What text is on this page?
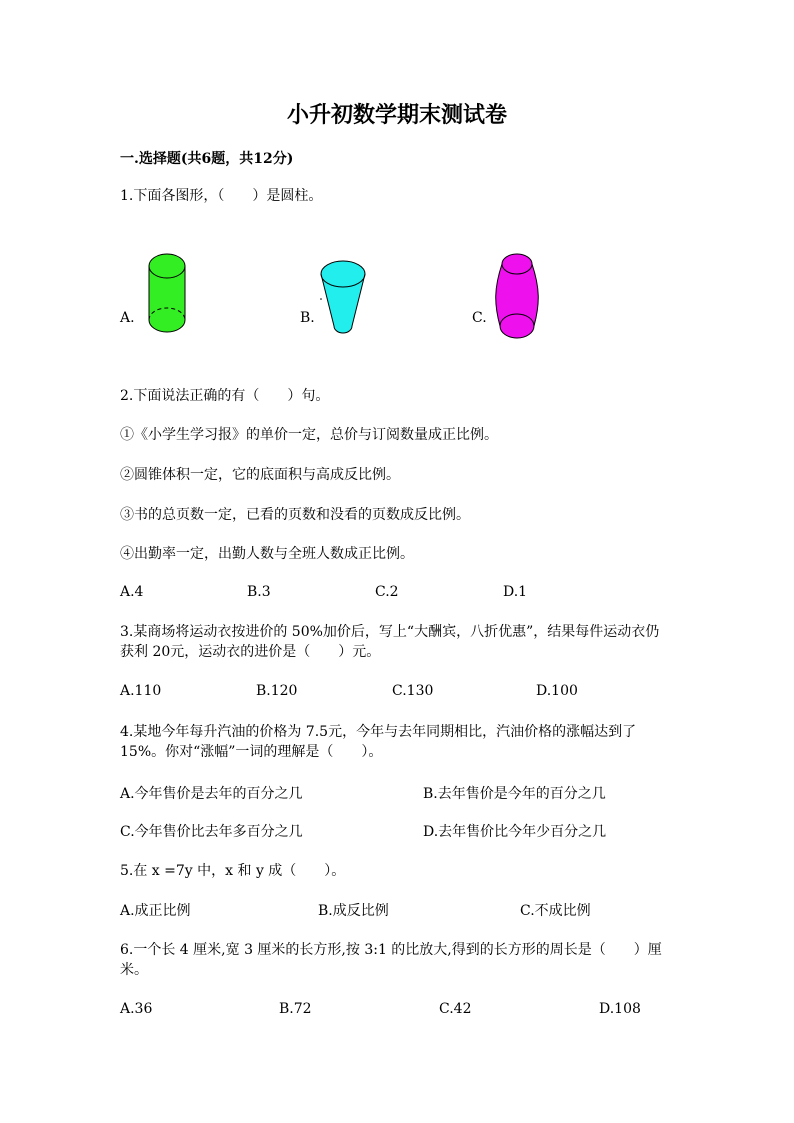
小升初数学期末测试卷
一.选择题(共6题，共12分)
1.下面各图形，（　　）是圆柱。
A.	B.	C.
2.下面说法正确的有（　　）句。
①《小学生学习报》的单价一定，总价与订阅数量成正比例。
②圆锥体积一定，它的底面积与高成反比例。
③书的总页数一定，已看的页数和没看的页数成反比例。
④出勤率一定，出勤人数与全班人数成正比例。
A.4	B.3	C.2	D.1
3.某商场将运动衣按进价的 50%加价后，写上“大酬宾，八折优惠”，结果每件运动衣仍获利 20元，运动衣的进价是（　　）元。
A.110	B.120	C.130	D.100
4.某地今年每升汽油的价格为 7.5元，今年与去年同期相比，汽油价格的涨幅达到了 15%。你对“涨幅”一词的理解是（　　）。
A.今年售价是去年的百分之几	B.去年售价是今年的百分之几
C.今年售价比去年多百分之几	D.去年售价比今年少百分之几
5.在 x =7y 中，x 和 y 成（　　）。
A.成正比例	B.成反比例	C.不成比例
6.一个长 4 厘米,宽 3 厘米的长方形,按 3:1 的比放大,得到的长方形的周长是（　　）厘米。
A.36	B.72	C.42	D.108
